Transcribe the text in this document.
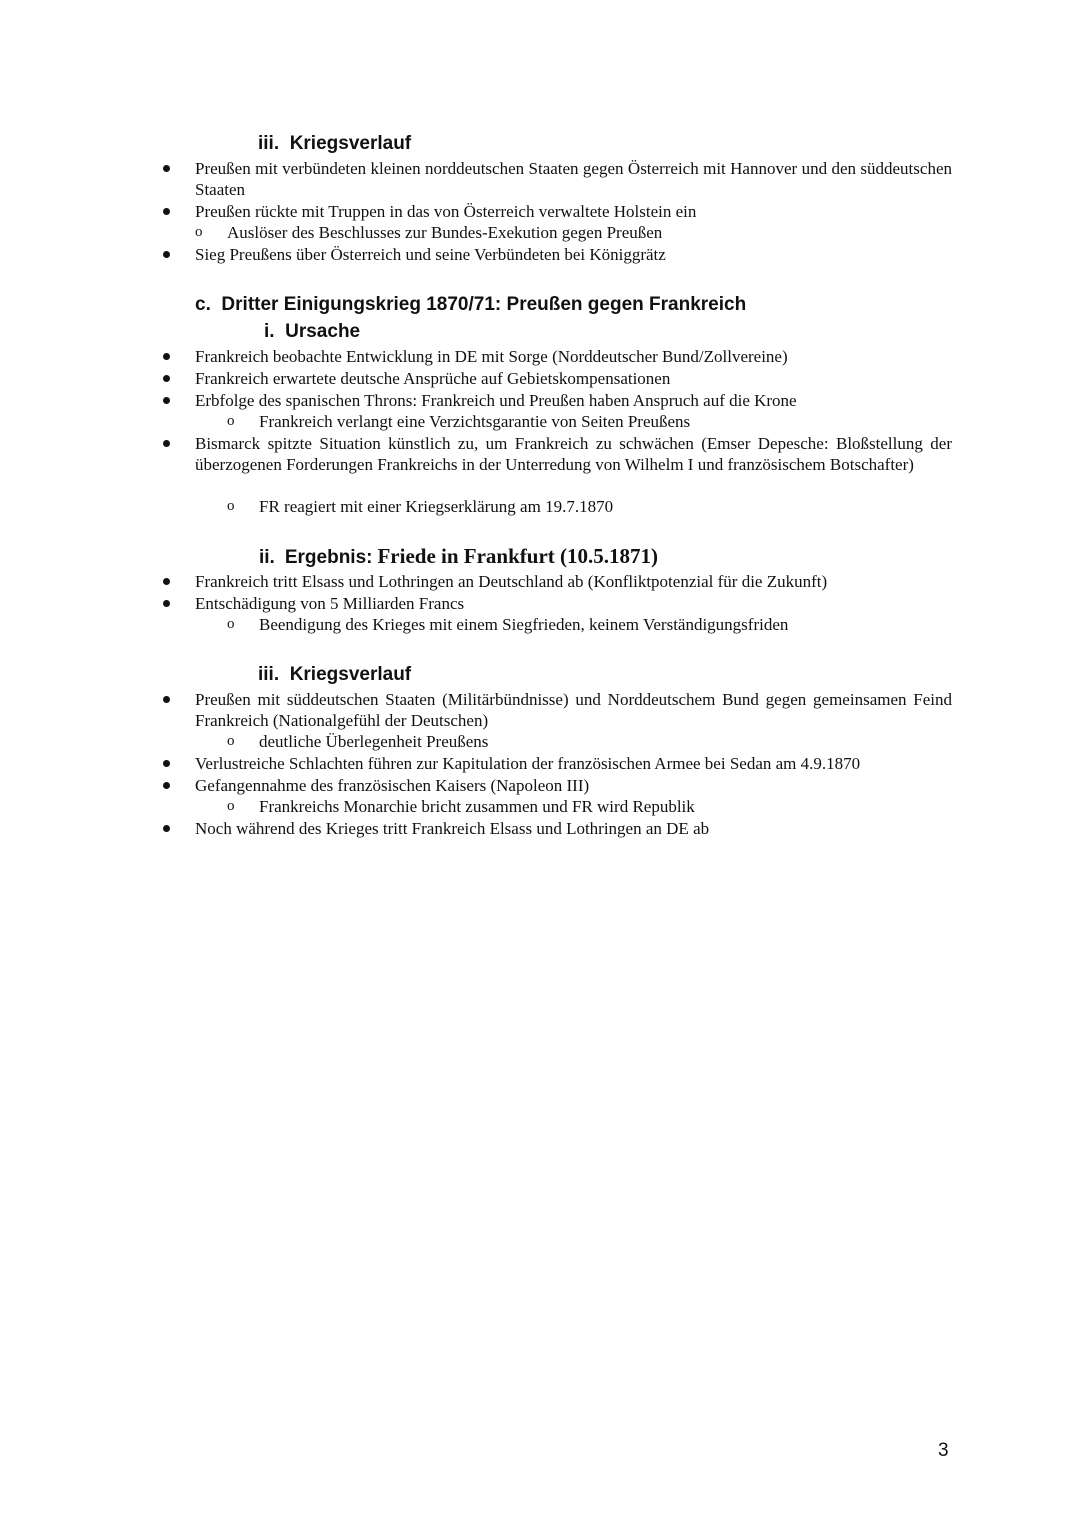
iii. Kriegsverlauf
Preußen mit verbündeten kleinen norddeutschen Staaten gegen Österreich mit Hannover und den süddeutschen Staaten
Preußen rückte mit Truppen in das von Österreich verwaltete Holstein ein
o Auslöser des Beschlusses zur Bundes-Exekution gegen Preußen
Sieg Preußens über Österreich und seine Verbündeten bei Königgrätz
c. Dritter Einigungskrieg 1870/71: Preußen gegen Frankreich
i. Ursache
Frankreich beobachte Entwicklung in DE mit Sorge (Norddeutscher Bund/Zollvereine)
Frankreich erwartete deutsche Ansprüche auf Gebietskompensationen
Erbfolge des spanischen Throns: Frankreich und Preußen haben Anspruch auf die Krone
o Frankreich verlangt eine Verzichtsgarantie von Seiten Preußens
Bismarck spitzte Situation künstlich zu, um Frankreich zu schwächen (Emser Depesche: Bloßstellung der überzogenen Forderungen Frankreichs in der Unterredung von Wilhelm I und französischem Botschafter)
o FR reagiert mit einer Kriegserklärung am 19.7.1870
ii. Ergebnis: Friede in Frankfurt (10.5.1871)
Frankreich tritt Elsass und Lothringen an Deutschland ab (Konfliktpotenzial für die Zukunft)
Entschädigung von 5 Milliarden Francs
o Beendigung des Krieges mit einem Siegfrieden, keinem Verständigungsfriden
iii. Kriegsverlauf
Preußen mit süddeutschen Staaten (Militärbündnisse) und Norddeutschem Bund gegen gemeinsamen Feind Frankreich (Nationalgefühl der Deutschen)
o deutliche Überlegenheit Preußens
Verlustreiche Schlachten führen zur Kapitulation der französischen Armee bei Sedan am 4.9.1870
Gefangennahme des französischen Kaisers (Napoleon III)
o Frankreichs Monarchie bricht zusammen und FR wird Republik
Noch während des Krieges tritt Frankreich Elsass und Lothringen an DE ab
3
